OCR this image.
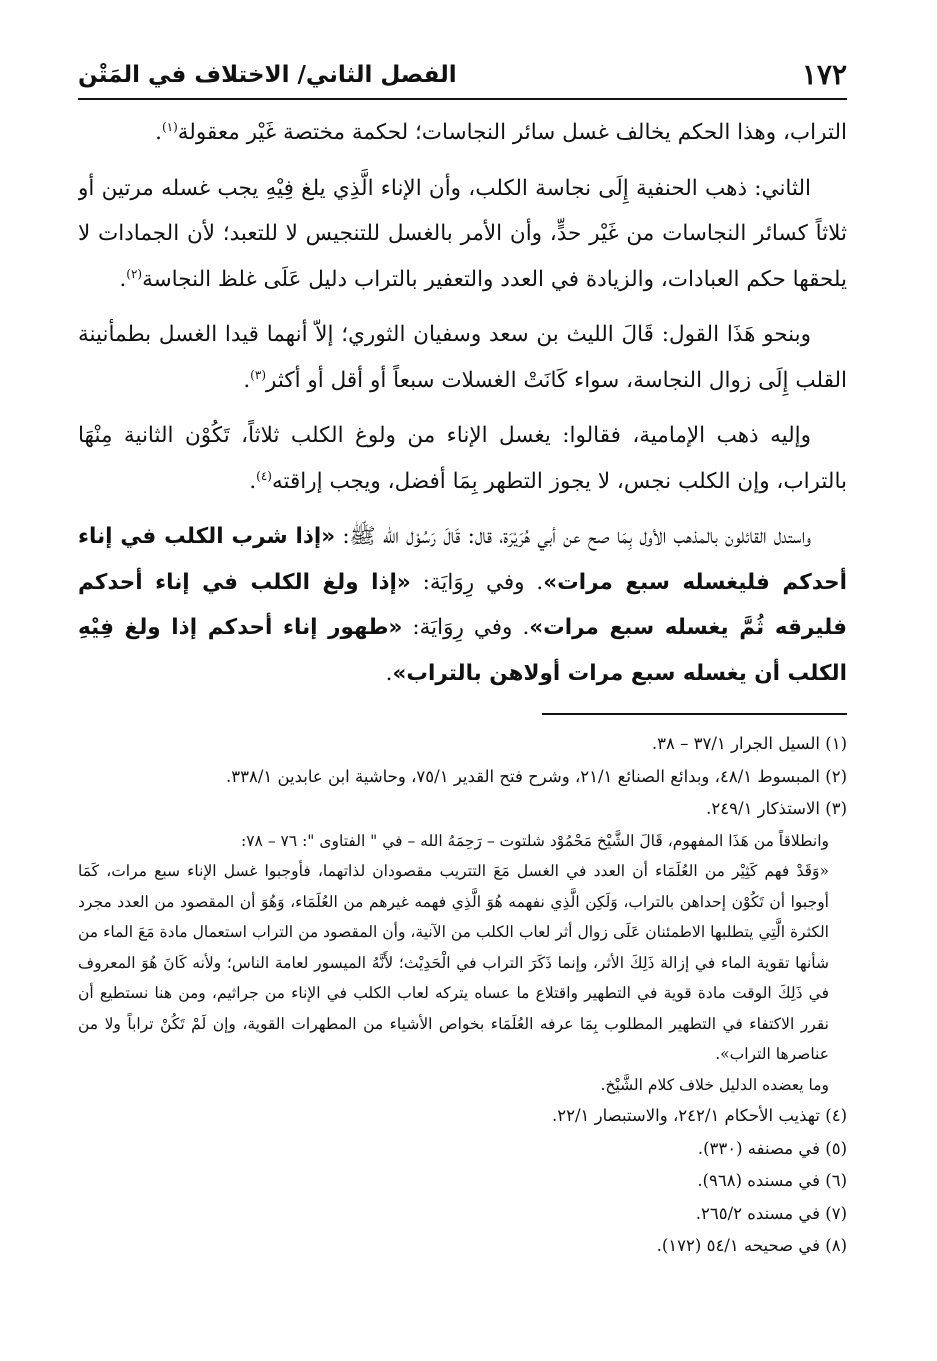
١٧٢
الفصل الثاني/ الاختلاف في المَتْن

التراب، وهذا الحكم يخالف غسل سائر النجاسات؛ لحكمة مختصة غَيْر معقولة$^{(١)}$.

الثاني: ذهب الحنفية إِلَى نجاسة الكلب، وأن الإناء الَّذِي يلغ فِيْهِ يجب غسله مرتين أو ثلاثاً كسائر النجاسات من غَيْر حدٍّ، وأن الأمر بالغسل للتنجيس لا للتعبد؛ لأن الجمادات لا يلحقها حكم العبادات، والزيادة في العدد والتعفير بالتراب دليل عَلَى غلظ النجاسة$^{(٢)}$.

وبنحو هَذَا القول: قَالَ الليث بن سعد وسفيان الثوري؛ إلاّ أنهما قيدا الغسل بطمأنينة القلب إِلَى زوال النجاسة، سواء كَانَتْ الغسلات سبعاً أو أقل أو أكثر$^{(٣)}$.

وإليه ذهب الإمامية، فقالوا: يغسل الإناء من ولوغ الكلب ثلاثاً، تَكُوْن الثانية مِنْهَا بالتراب، وإن الكلب نجس، لا يجوز التطهر بِمَا أفضل، ويجب إراقته$^{(٤)}$.

واستدل القائلون بالمذهب الأول بِمَا صح عن أبي هُرَيْرَة، قال: قَالَ رَسُوْل الله ﷺ: «إذا شرب الكلب في إناء أحدكم فليغسله سبع مرات». وفي رِوَايَة: «إذا ولغ الكلب في إناء أحدكم فليرقه ثُمَّ يغسله سبع مرات». وفي رِوَايَة: «طهور إناء أحدكم إذا ولغ فِيْهِ الكلب أن يغسله سبع مرات أولاهن بالتراب».

(١) السيل الجرار ٣٧/١ – ٣٨.

(٢) المبسوط ٤٨/١، وبدائع الصنائع ٢١/١، وشرح فتح القدير ٧٥/١، وحاشية ابن عابدين ٣٣٨/١.

(٣) الاستذكار ٢٤٩/١.

وانطلاقاً من هَذَا المفهوم، قَالَ الشَّيْخ مَحْمُوْد شلتوت – رَحِمَهُ الله – في " الفتاوى ": ٧٦ – ٧٨:

«وَقَدْ فهم كَثِيْر من العُلَمَاء أن العدد في الغسل مَعَ التتريب مقصودان لذاتهما، فأوجبوا غسل الإناء سبع مرات، كَمَا أوجبوا أن تَكُوْن إحداهن بالتراب، وَلَكِن الَّذِي نفهمه هُوَ الَّذِي فهمه غيرهم من العُلَمَاء، وَهُوَ أن المقصود من العدد مجرد الكثرة الَّتِي يتطلبها الاطمئنان عَلَى زوال أثر لعاب الكلب من الآنية، وأن المقصود من التراب استعمال مادة مَعَ الماء من شأنها تقوية الماء في إزالة ذَلِكَ الأثر، وإنما ذَكَرَ التراب في الْحَدِيْث؛ لأَنَّهُ الميسور لعامة الناس؛ ولأنه كَانَ هُوَ المعروف في ذَلِكَ الوقت مادة قوية في التطهير واقتلاع ما عساه يتركه لعاب الكلب في الإناء من جراثيم، ومن هنا نستطيع أن نقرر الاكتفاء في التطهير المطلوب بِمَا عرفه العُلَمَاء بخواص الأشياء من المطهرات القوية، وإن لَمْ تَكُنْ تراباً ولا من عناصرها التراب».

وما يعضده الدليل خلاف كلام الشَّيْخ.

(٤) تهذيب الأحكام ٢٤٢/١، والاستبصار ٢٢/١.

(٥) في مصنفه (٣٣٠).

(٦) في مسنده (٩٦٨).

(٧) في مسنده ٢٦٥/٢.

(٨) في صحيحه ٥٤/١ (١٧٢).
